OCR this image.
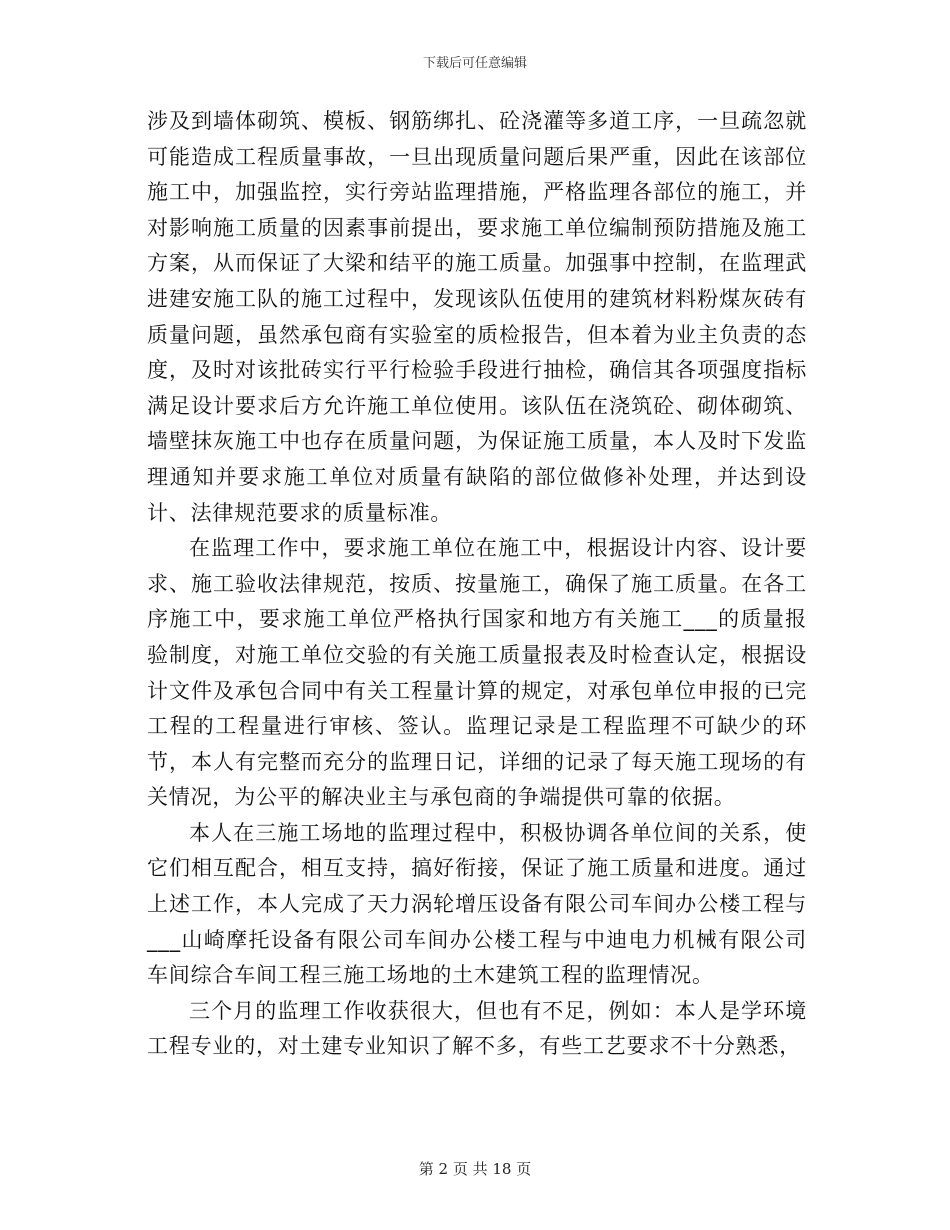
下载后可任意编辑

涉及到墙体砌筑、模板、钢筋绑扎、砼浇灌等多道工序，一旦疏忽就可能造成工程质量事故，一旦出现质量问题后果严重，因此在该部位施工中，加强监控，实行旁站监理措施，严格监理各部位的施工，并对影响施工质量的因素事前提出，要求施工单位编制预防措施及施工方案，从而保证了大梁和结平的施工质量。加强事中控制，在监理武进建安施工队的施工过程中，发现该队伍使用的建筑材料粉煤灰砖有质量问题，虽然承包商有实验室的质检报告，但本着为业主负责的态度，及时对该批砖实行平行检验手段进行抽检，确信其各项强度指标满足设计要求后方允许施工单位使用。该队伍在浇筑砼、砌体砌筑、墙壁抹灰施工中也存在质量问题，为保证施工质量，本人及时下发监理通知并要求施工单位对质量有缺陷的部位做修补处理，并达到设计、法律规范要求的质量标准。

在监理工作中，要求施工单位在施工中，根据设计内容、设计要求、施工验收法律规范，按质、按量施工，确保了施工质量。在各工序施工中，要求施工单位严格执行国家和地方有关施工___的质量报验制度，对施工单位交验的有关施工质量报表及时检查认定，根据设计文件及承包合同中有关工程量计算的规定，对承包单位申报的已完工程的工程量进行审核、签认。监理记录是工程监理不可缺少的环节，本人有完整而充分的监理日记，详细的记录了每天施工现场的有关情况，为公平的解决业主与承包商的争端提供可靠的依据。

本人在三施工场地的监理过程中，积极协调各单位间的关系，使它们相互配合，相互支持，搞好衔接，保证了施工质量和进度。通过上述工作，本人完成了天力涡轮增压设备有限公司车间办公楼工程与___山崎摩托设备有限公司车间办公楼工程与中迪电力机械有限公司车间综合车间工程三施工场地的土木建筑工程的监理情况。

三个月的监理工作收获很大，但也有不足，例如：本人是学环境工程专业的，对土建专业知识了解不多，有些工艺要求不十分熟悉，

第 2 页 共 18 页
